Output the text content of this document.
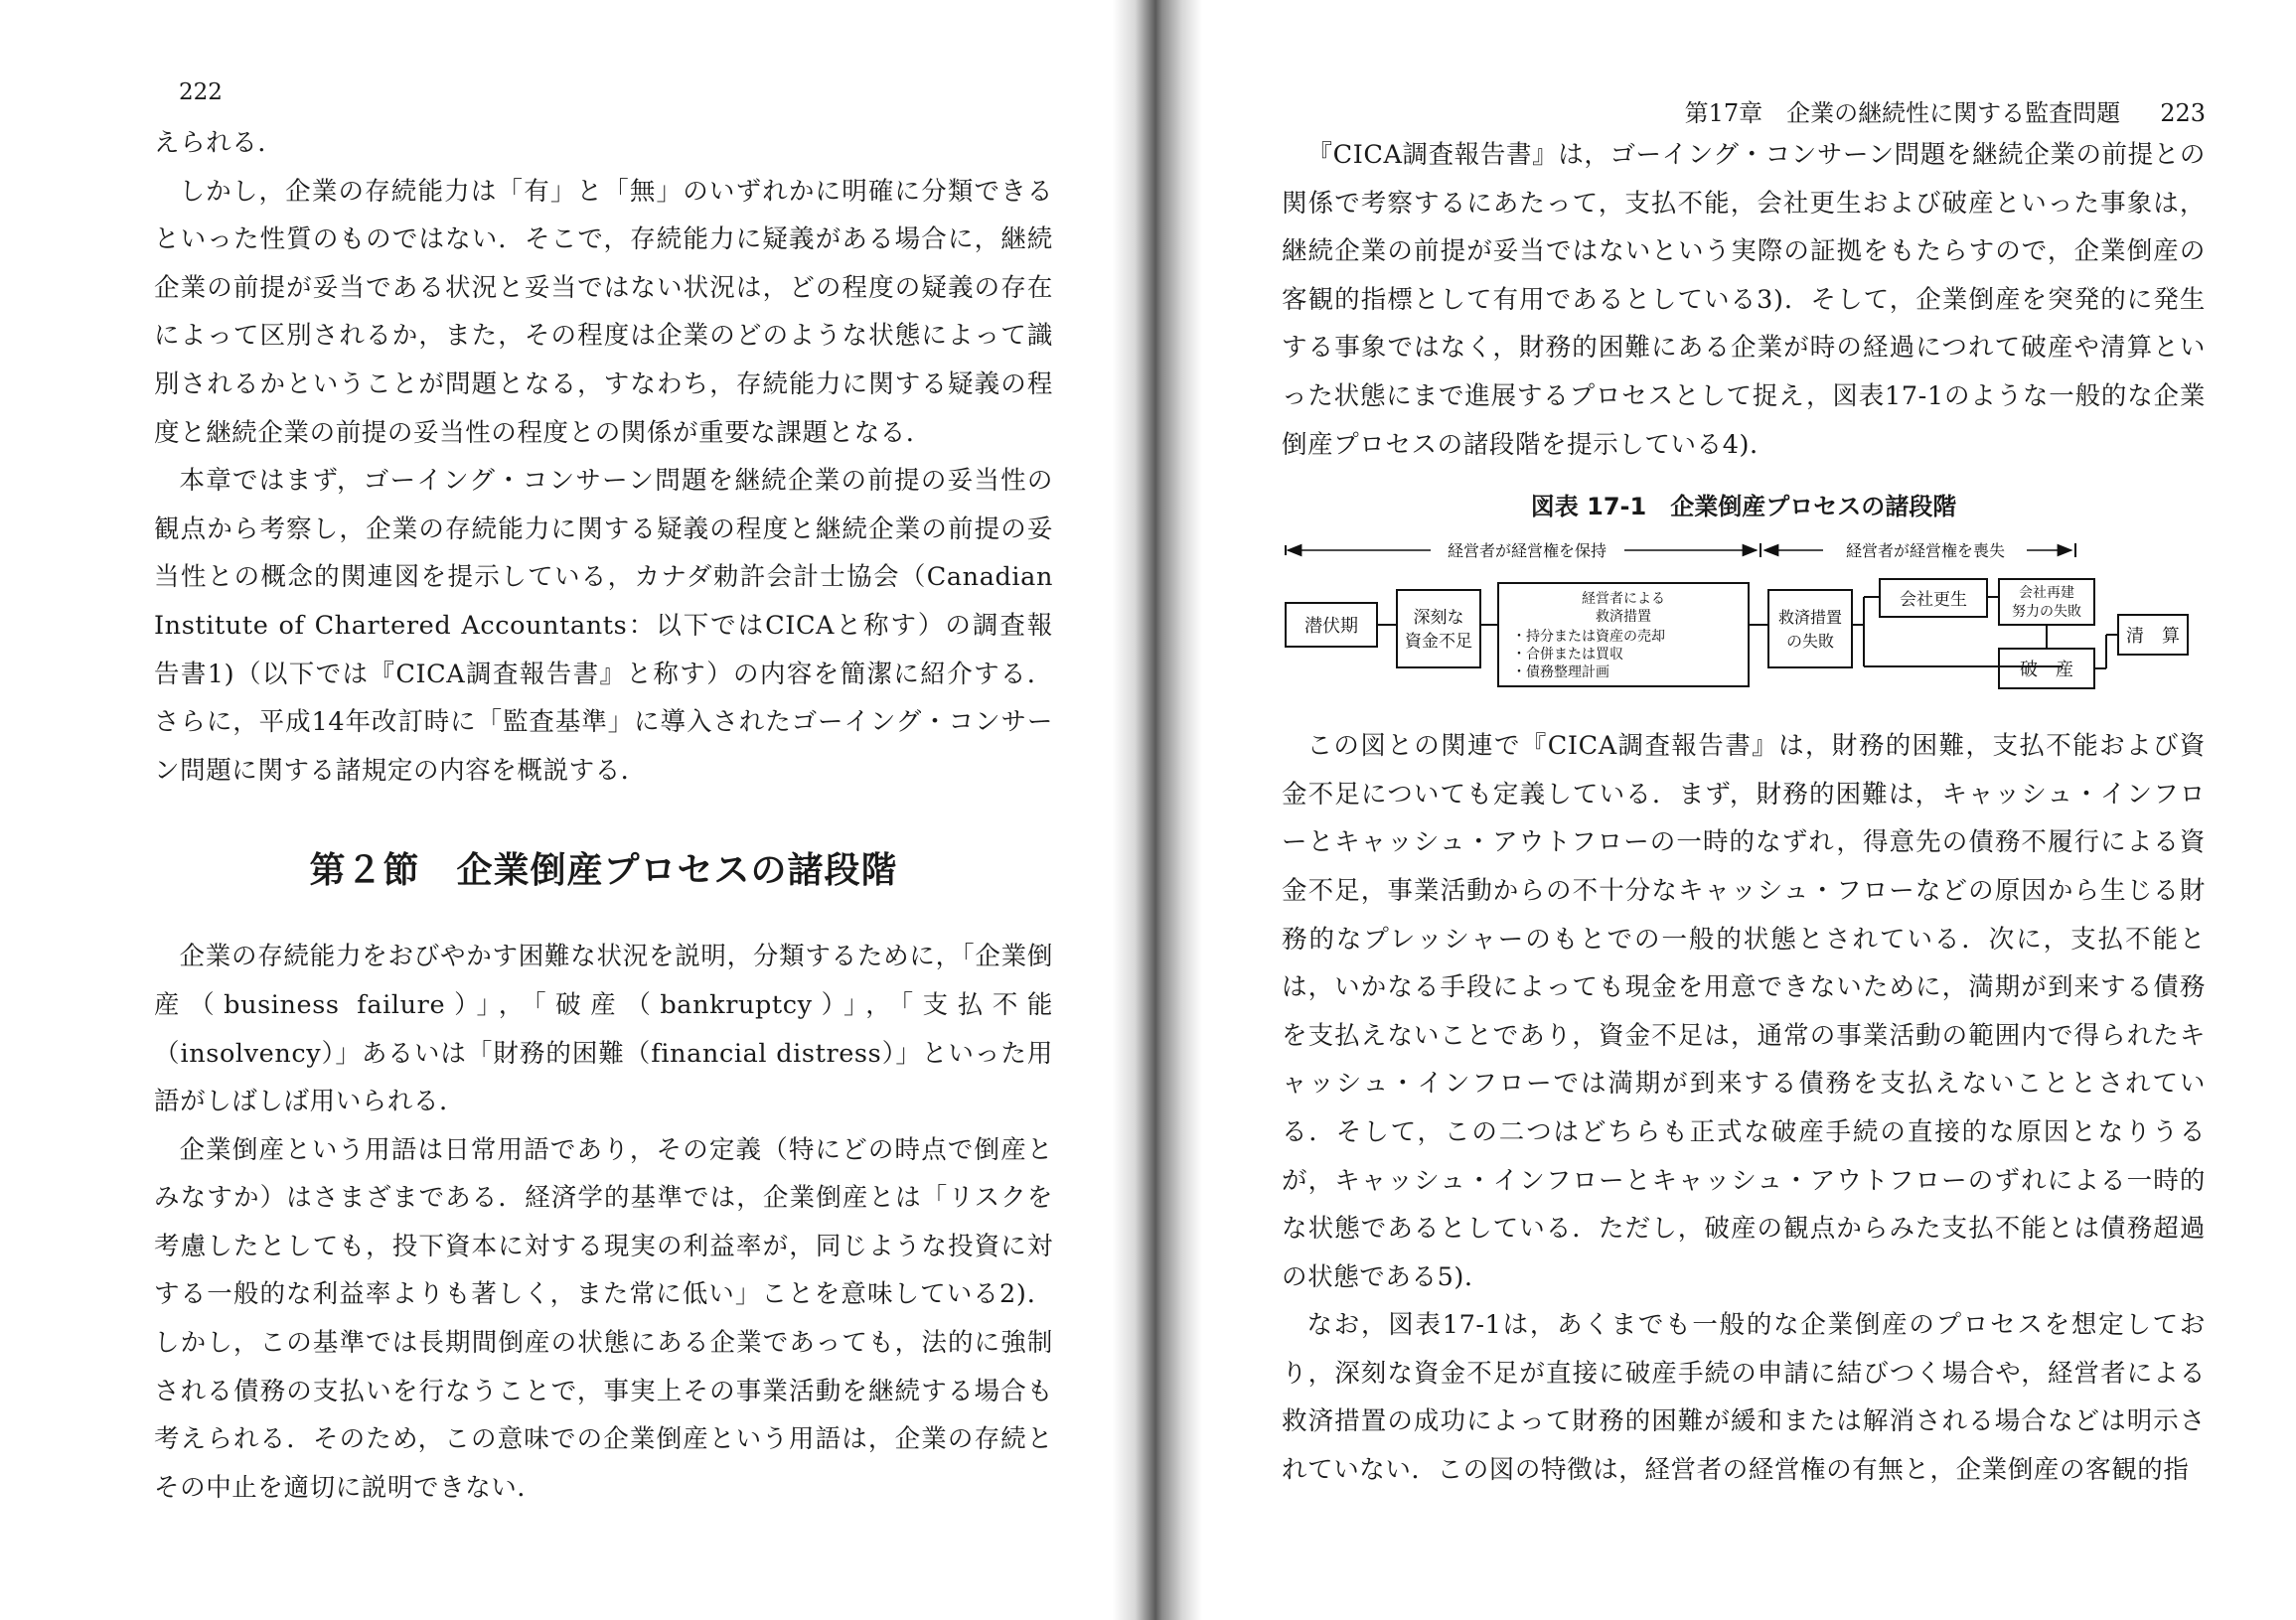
222

えられる．

しかし，企業の存続能力は「有」と「無」のいずれかに明確に分類できるといった性質のものではない．そこで，存続能力に疑義がある場合に，継続企業の前提が妥当である状況と妥当ではない状況は，どの程度の疑義の存在によって区別されるか，また，その程度は企業のどのような状態によって識別されるかということが問題となる，すなわち，存続能力に関する疑義の程度と継続企業の前提の妥当性の程度との関係が重要な課題となる．

本章ではまず，ゴーイング・コンサーン問題を継続企業の前提の妥当性の観点から考察し，企業の存続能力に関する疑義の程度と継続企業の前提の妥当性との概念的関連図を提示している，カナダ勅許会計士協会（Canadian Institute of Chartered Accountants：以下ではCICAと称す）の調査報告書1)（以下では『CICA調査報告書』と称す）の内容を簡潔に紹介する．さらに，平成14年改訂時に「監査基準」に導入されたゴーイング・コンサーン問題に関する諸規定の内容を概説する．

第２節　企業倒産プロセスの諸段階

企業の存続能力をおびやかす困難な状況を説明，分類するために，「企業倒産（business failure）」，「破産（bankruptcy）」，「支払不能（insolvency）」あるいは「財務的困難（financial distress）」といった用語がしばしば用いられる．

企業倒産という用語は日常用語であり，その定義（特にどの時点で倒産とみなすか）はさまざまである．経済学的基準では，企業倒産とは「リスクを考慮したとしても，投下資本に対する現実の利益率が，同じような投資に対する一般的な利益率よりも著しく，また常に低い」ことを意味している2)．しかし，この基準では長期間倒産の状態にある企業であっても，法的に強制される債務の支払いを行なうことで，事実上その事業活動を継続する場合も考えられる．そのため，この意味での企業倒産という用語は，企業の存続とその中止を適切に説明できない．

第17章　企業の継続性に関する監査問題 223

『CICA調査報告書』は，ゴーイング・コンサーン問題を継続企業の前提との関係で考察するにあたって，支払不能，会社更生および破産といった事象は，継続企業の前提が妥当ではないという実際の証拠をもたらすので，企業倒産の客観的指標として有用であるとしている3)．そして，企業倒産を突発的に発生する事象ではなく，財務的困難にある企業が時の経過につれて破産や清算といった状態にまで進展するプロセスとして捉え，図表17-1のような一般的な企業倒産プロセスの諸段階を提示している4)．

図表 17-1　企業倒産プロセスの諸段階
経営者が経営権を保持	経営者が経営権を喪失
潜伏期	深刻な
資金不足
経営者による
救済措置
・持分または資産の売却
・合併または買収
・債務整理計画
救済措置
の失敗
会社更生	会社再建
努力の失敗
破　産
清　算

この図との関連で『CICA調査報告書』は，財務的困難，支払不能および資金不足についても定義している．まず，財務的困難は，キャッシュ・インフローとキャッシュ・アウトフローの一時的なずれ，得意先の債務不履行による資金不足，事業活動からの不十分なキャッシュ・フローなどの原因から生じる財務的なプレッシャーのもとでの一般的状態とされている．次に，支払不能とは，いかなる手段によっても現金を用意できないために，満期が到来する債務を支払えないことであり，資金不足は，通常の事業活動の範囲内で得られたキャッシュ・インフローでは満期が到来する債務を支払えないこととされている．そして，この二つはどちらも正式な破産手続の直接的な原因となりうるが，キャッシュ・インフローとキャッシュ・アウトフローのずれによる一時的な状態であるとしている．ただし，破産の観点からみた支払不能とは債務超過の状態である5)．

なお，図表17-1は，あくまでも一般的な企業倒産のプロセスを想定しており，深刻な資金不足が直接に破産手続の申請に結びつく場合や，経営者による救済措置の成功によって財務的困難が緩和または解消される場合などは明示されていない．この図の特徴は，経営者の経営権の有無と，企業倒産の客観的指
